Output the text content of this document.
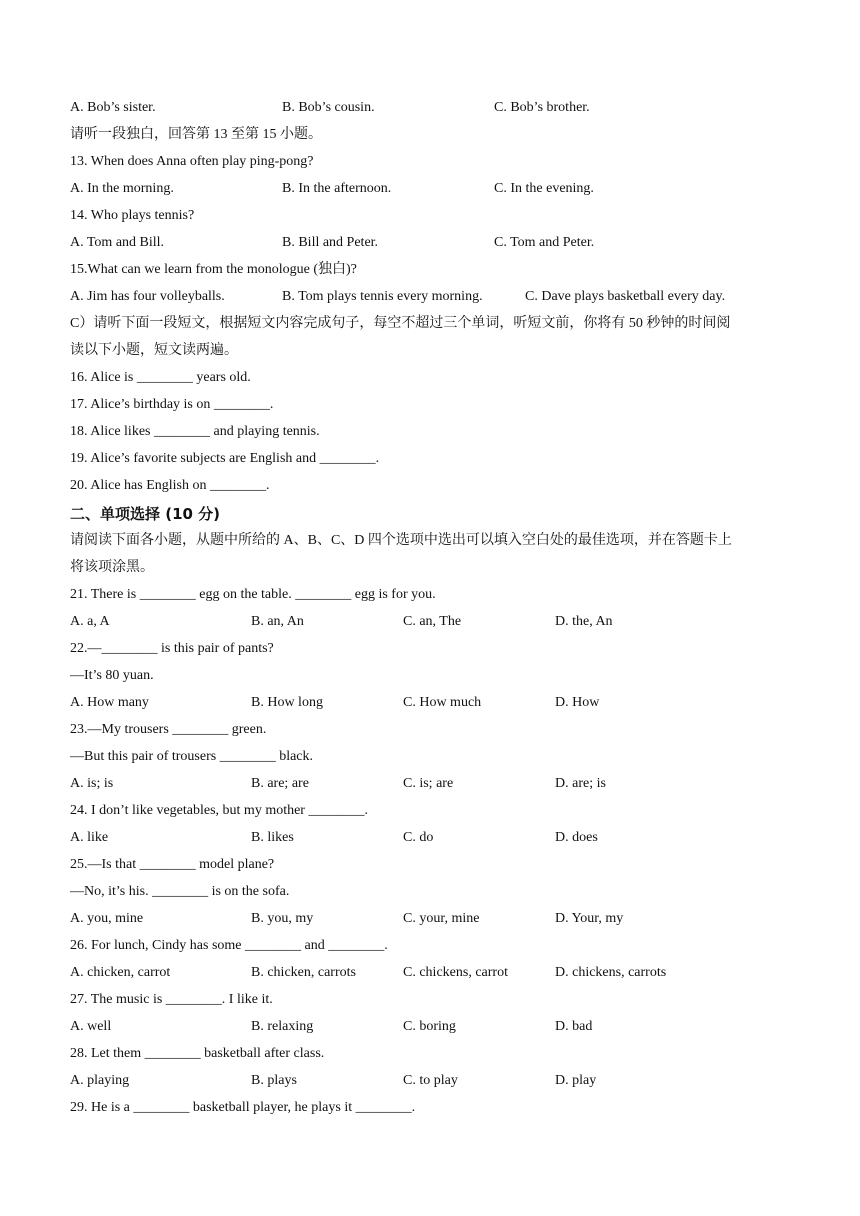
A. Bob’s sister.	B. Bob’s cousin.	C. Bob’s brother.
请听一段独白，回答第 13 至第 15 小题。
13. When does Anna often play ping-pong?
A. In the morning.	B. In the afternoon.	C. In the evening.
14. Who plays tennis?
A. Tom and Bill.	B. Bill and Peter.	C. Tom and Peter.
15.What can we learn from the monologue (独白)?
A. Jim has four volleyballs.	B. Tom plays tennis every morning.	C. Dave plays basketball every day.
C）请听下面一段短文，根据短文内容完成句子，每空不超过三个单词，听短文前，你将有 50 秒钟的时间阅
读以下小题，短文读两遍。
16. Alice is ________ years old.
17. Alice’s birthday is on ________.
18. Alice likes ________ and playing tennis.
19. Alice’s favorite subjects are English and ________.
20. Alice has English on ________.
二、单项选择 (10 分)
请阅读下面各小题，从题中所给的 A、B、C、D 四个选项中选出可以填入空白处的最佳选项，并在答题卡上
将该项涂黑。
21. There is ________ egg on the table. ________ egg is for you.
A. a, A	B. an, An	C. an, The	D. the, An
22.—________ is this pair of pants?
—It’s 80 yuan.
A. How many	B. How long	C. How much	D. How
23.—My trousers ________ green.
—But this pair of trousers ________ black.
A. is; is	B. are; are	C. is; are	D. are; is
24. I don’t like vegetables, but my mother ________.
A. like	B. likes	C. do	D. does
25.—Is that ________ model plane?
—No, it’s his. ________ is on the sofa.
A. you, mine	B. you, my	C. your, mine	D. Your, my
26. For lunch, Cindy has some ________ and ________.
A. chicken, carrot	B. chicken, carrots	C. chickens, carrot	D. chickens, carrots
27. The music is ________. I like it.
A. well	B. relaxing	C. boring	D. bad
28. Let them ________ basketball after class.
A. playing	B. plays	C. to play	D. play
29. He is a ________ basketball player, he plays it ________.
